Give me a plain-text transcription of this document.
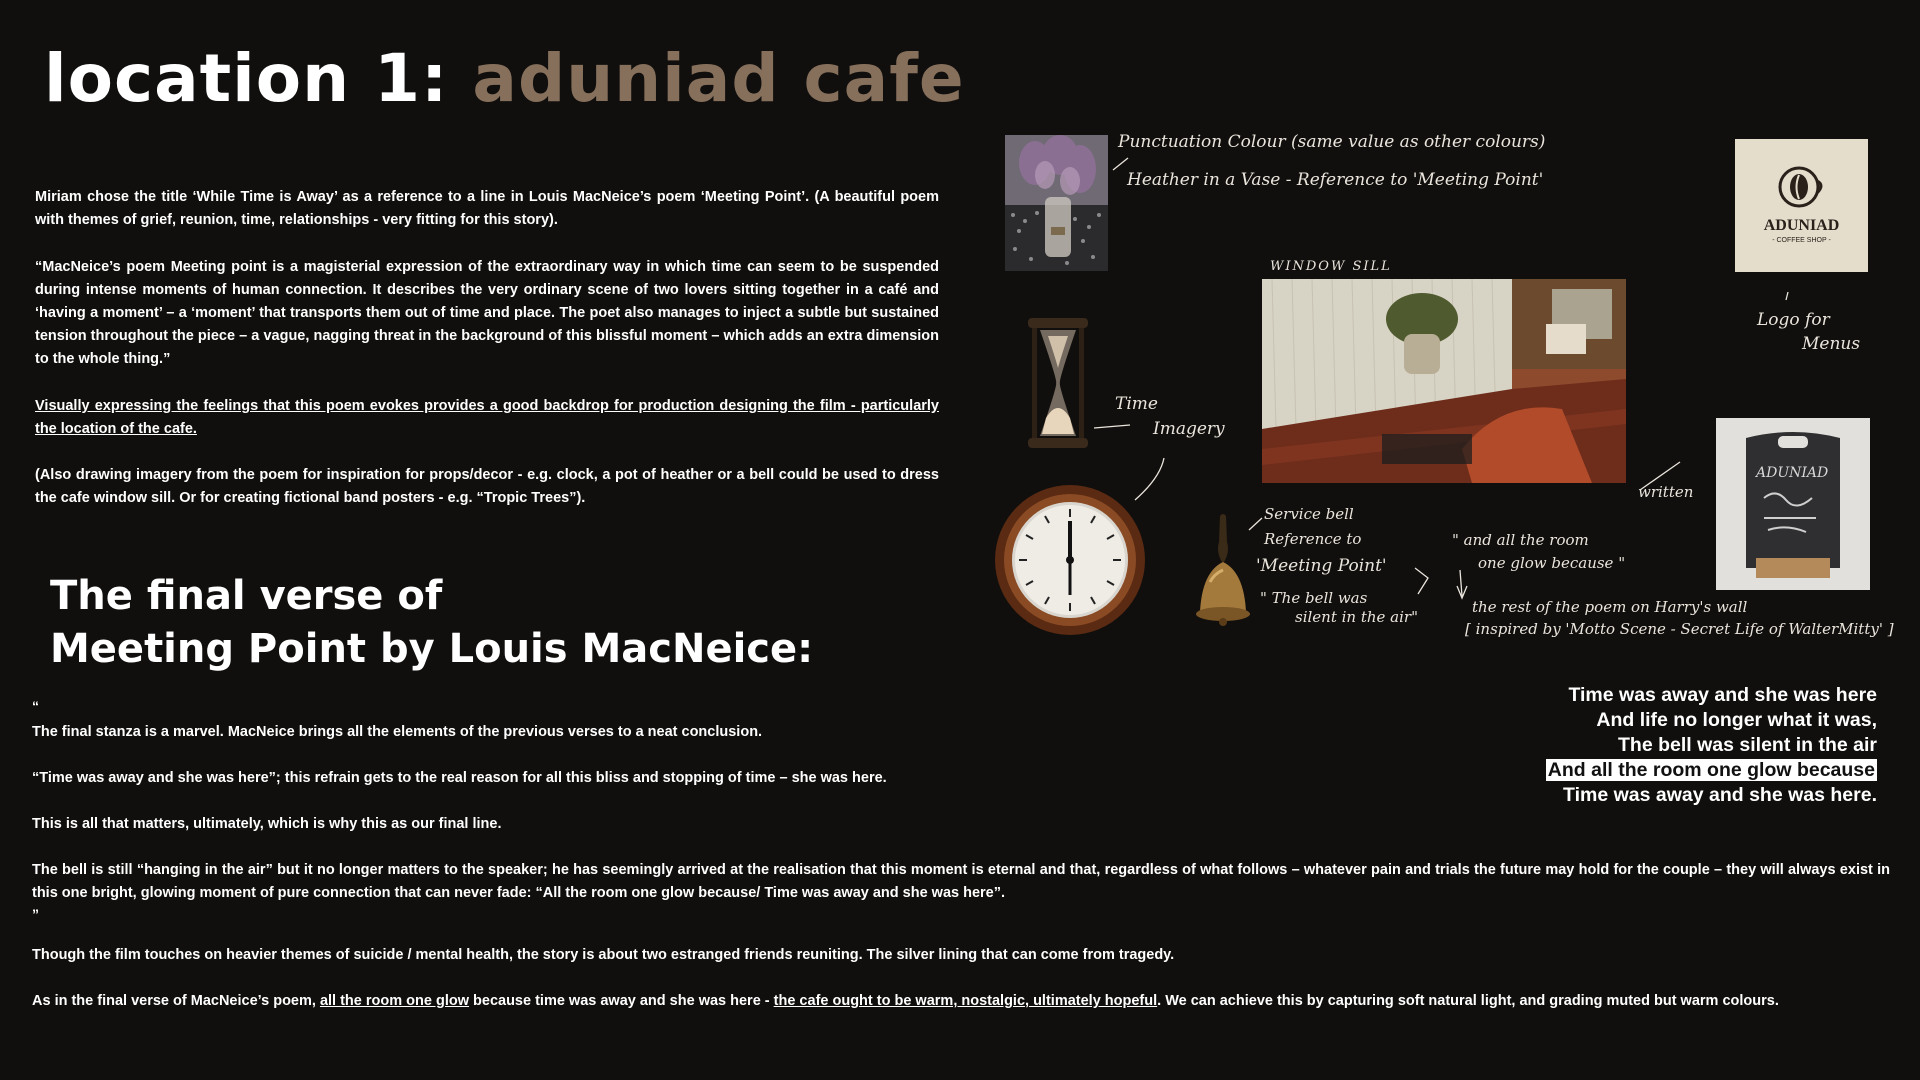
location 1: aduniad cafe
Miriam chose the title ‘While Time is Away’ as a reference to a line in Louis MacNeice’s poem ‘Meeting Point’. (A beautiful poem with themes of grief, reunion, time, relationships - very fitting for this story).
“MacNeice’s poem Meeting point is a magisterial expression of the extraordinary way in which time can seem to be suspended during intense moments of human connection. It describes the very ordinary scene of two lovers sitting together in a café and ‘having a moment’ – a ‘moment’ that transports them out of time and place. The poet also manages to inject a subtle but sustained tension throughout the piece – a vague, nagging threat in the background of this blissful moment – which adds an extra dimension to the whole thing.”
Visually expressing the feelings that this poem evokes provides a good backdrop for production designing the film - particularly the location of the cafe.
(Also drawing imagery from the poem for inspiration for props/decor - e.g. clock, a pot of heather or a bell could be used to dress the cafe window sill. Or for creating fictional band posters - e.g. “Tropic Trees”).
The final verse of
Meeting Point by Louis MacNeice:
“
The final stanza is a marvel. MacNeice brings all the elements of the previous verses to a neat conclusion.
“Time was away and she was here”; this refrain gets to the real reason for all this bliss and stopping of time – she was here.
This is all that matters, ultimately, which is why this as our final line.
The bell is still “hanging in the air” but it no longer matters to the speaker; he has seemingly arrived at the realisation that this moment is eternal and that, regardless of what follows – whatever pain and trials the future may hold for the couple – they will always exist in this one bright, glowing moment of pure connection that can never fade: “All the room one glow because/ Time was away and she was here”.
”
Though the film touches on heavier themes of suicide / mental health, the story is about two estranged friends reuniting. The silver lining that can come from tragedy.
As in the final verse of MacNeice’s poem, all the room one glow because time was away and she was here - the cafe ought to be warm, nostalgic, ultimately hopeful. We can achieve this by capturing soft natural light, and grading muted but warm colours.
Time was away and she was here
And life no longer what it was,
The bell was silent in the air
And all the room one glow because
Time was away and she was here.
ADUNIAD
- COFFEE SHOP -
ADUNIAD
Punctuation Colour (same value as other colours)
Heather in a Vase - Reference to 'Meeting Point'
WINDOW SILL
Time
Imagery
Service bell
Reference to
'Meeting Point'
" The bell was
silent in the air"
" and all the room
one glow because "
written
the rest of the poem on Harry's wall
[ inspired by 'Motto Scene - Secret Life of WalterMitty' ]
Logo for
Menus
